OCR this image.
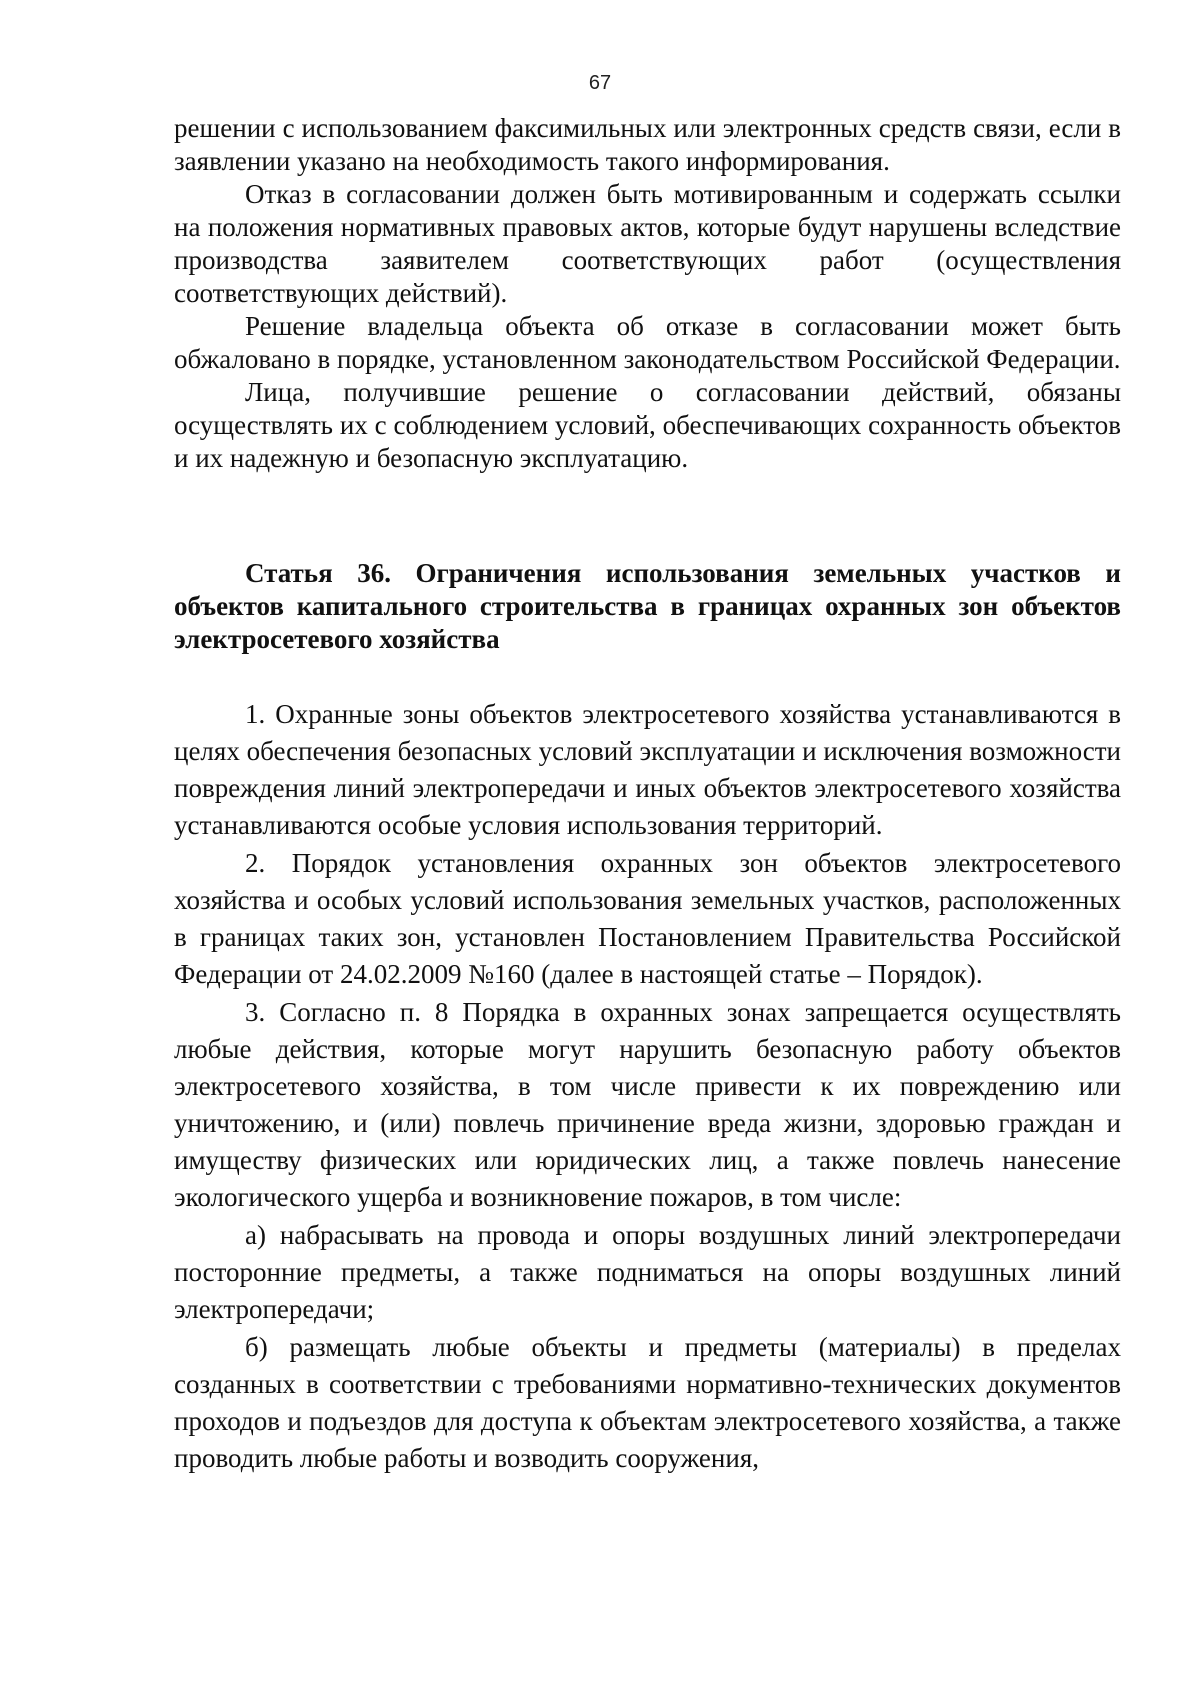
67

решении с использованием факсимильных или электронных средств связи, если в заявлении указано на необходимость такого информирования.

Отказ в согласовании должен быть мотивированным и содержать ссылки на положения нормативных правовых актов, которые будут нарушены вследствие производства заявителем соответствующих работ (осуществления соответствующих действий).

Решение владельца объекта об отказе в согласовании может быть обжаловано в порядке, установленном законодательством Российской Федерации.

Лица, получившие решение о согласовании действий, обязаны осуществлять их с соблюдением условий, обеспечивающих сохранность объектов и их надежную и безопасную эксплуатацию.

Статья 36. Ограничения использования земельных участков и объектов капитального строительства в границах охранных зон объектов электросетевого хозяйства

1. Охранные зоны объектов электросетевого хозяйства устанавливаются в целях обеспечения безопасных условий эксплуатации и исключения возможности повреждения линий электропередачи и иных объектов электросетевого хозяйства устанавливаются особые условия использования территорий.

2. Порядок установления охранных зон объектов электросетевого хозяйства и особых условий использования земельных участков, расположенных в границах таких зон, установлен Постановлением Правительства Российской Федерации от 24.02.2009 №160 (далее в настоящей статье – Порядок).

3. Согласно п. 8 Порядка в охранных зонах запрещается осуществлять любые действия, которые могут нарушить безопасную работу объектов электросетевого хозяйства, в том числе привести к их повреждению или уничтожению, и (или) повлечь причинение вреда жизни, здоровью граждан и имуществу физических или юридических лиц, а также повлечь нанесение экологического ущерба и возникновение пожаров, в том числе:

а) набрасывать на провода и опоры воздушных линий электропередачи посторонние предметы, а также подниматься на опоры воздушных линий электропередачи;

б) размещать любые объекты и предметы (материалы) в пределах созданных в соответствии с требованиями нормативно-технических документов проходов и подъездов для доступа к объектам электросетевого хозяйства, а также проводить любые работы и возводить сооружения,
